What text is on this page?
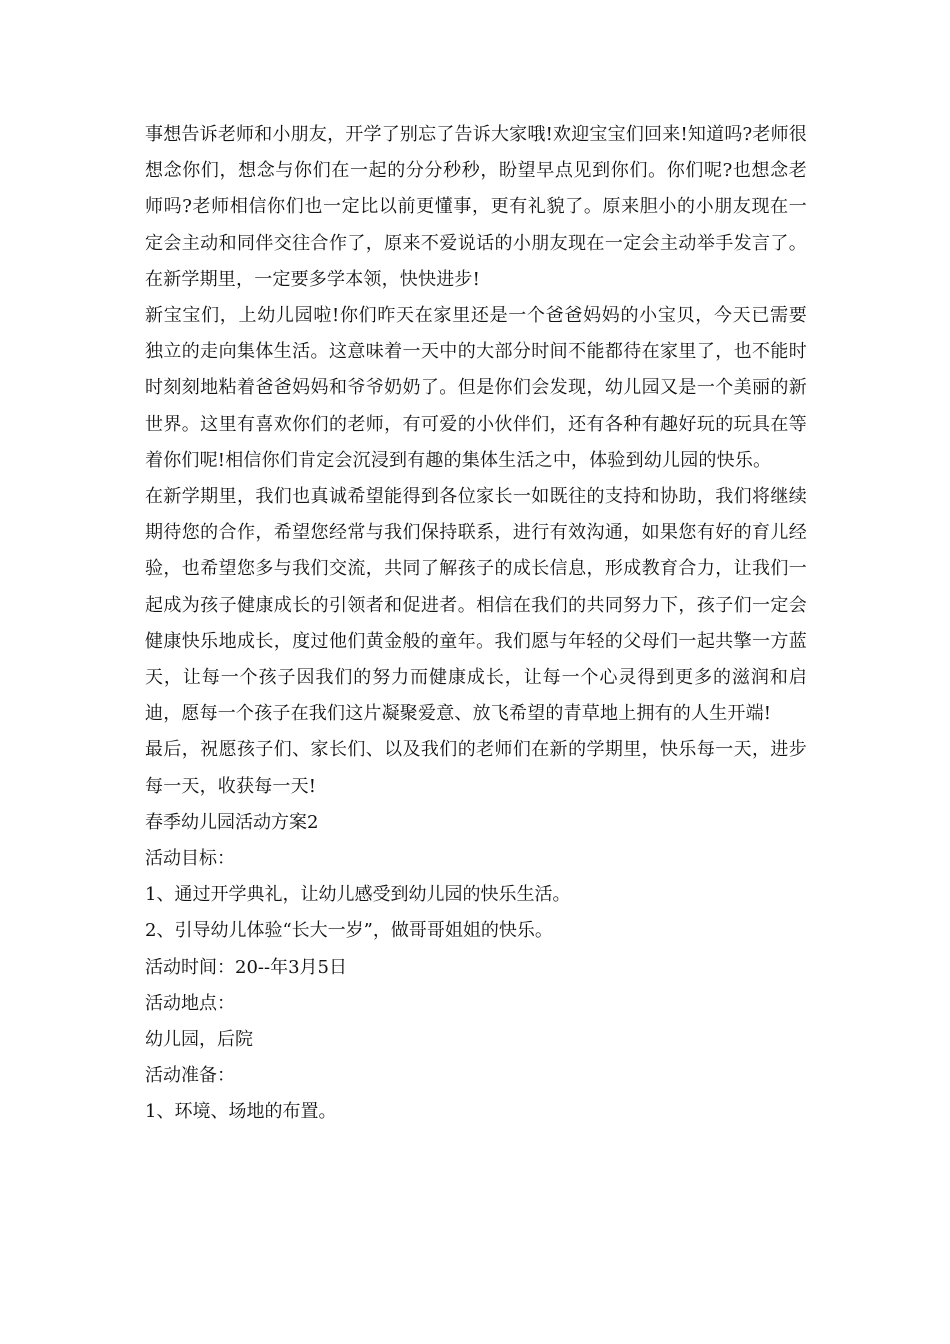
事想告诉老师和小朋友，开学了别忘了告诉大家哦!欢迎宝宝们回来!知道吗?老师很想念你们，想念与你们在一起的分分秒秒，盼望早点见到你们。你们呢?也想念老师吗?老师相信你们也一定比以前更懂事，更有礼貌了。原来胆小的小朋友现在一定会主动和同伴交往合作了，原来不爱说话的小朋友现在一定会主动举手发言了。在新学期里，一定要多学本领，快快进步!

新宝宝们，上幼儿园啦!你们昨天在家里还是一个爸爸妈妈的小宝贝，今天已需要独立的走向集体生活。这意味着一天中的大部分时间不能都待在家里了，也不能时时刻刻地粘着爸爸妈妈和爷爷奶奶了。但是你们会发现，幼儿园又是一个美丽的新世界。这里有喜欢你们的老师，有可爱的小伙伴们，还有各种有趣好玩的玩具在等着你们呢!相信你们肯定会沉浸到有趣的集体生活之中，体验到幼儿园的快乐。

在新学期里，我们也真诚希望能得到各位家长一如既往的支持和协助，我们将继续期待您的合作，希望您经常与我们保持联系，进行有效沟通，如果您有好的育儿经验，也希望您多与我们交流，共同了解孩子的成长信息，形成教育合力，让我们一起成为孩子健康成长的引领者和促进者。相信在我们的共同努力下，孩子们一定会健康快乐地成长，度过他们黄金般的童年。我们愿与年轻的父母们一起共擎一方蓝天，让每一个孩子因我们的努力而健康成长，让每一个心灵得到更多的滋润和启迪，愿每一个孩子在我们这片凝聚爱意、放飞希望的青草地上拥有的人生开端!

最后，祝愿孩子们、家长们、以及我们的老师们在新的学期里，快乐每一天，进步每一天，收获每一天!

春季幼儿园活动方案2

活动目标：

1、通过开学典礼，让幼儿感受到幼儿园的快乐生活。

2、引导幼儿体验“长大一岁”，做哥哥姐姐的快乐。

活动时间：20--年3月5日

活动地点：

幼儿园，后院

活动准备：

1、环境、场地的布置。
